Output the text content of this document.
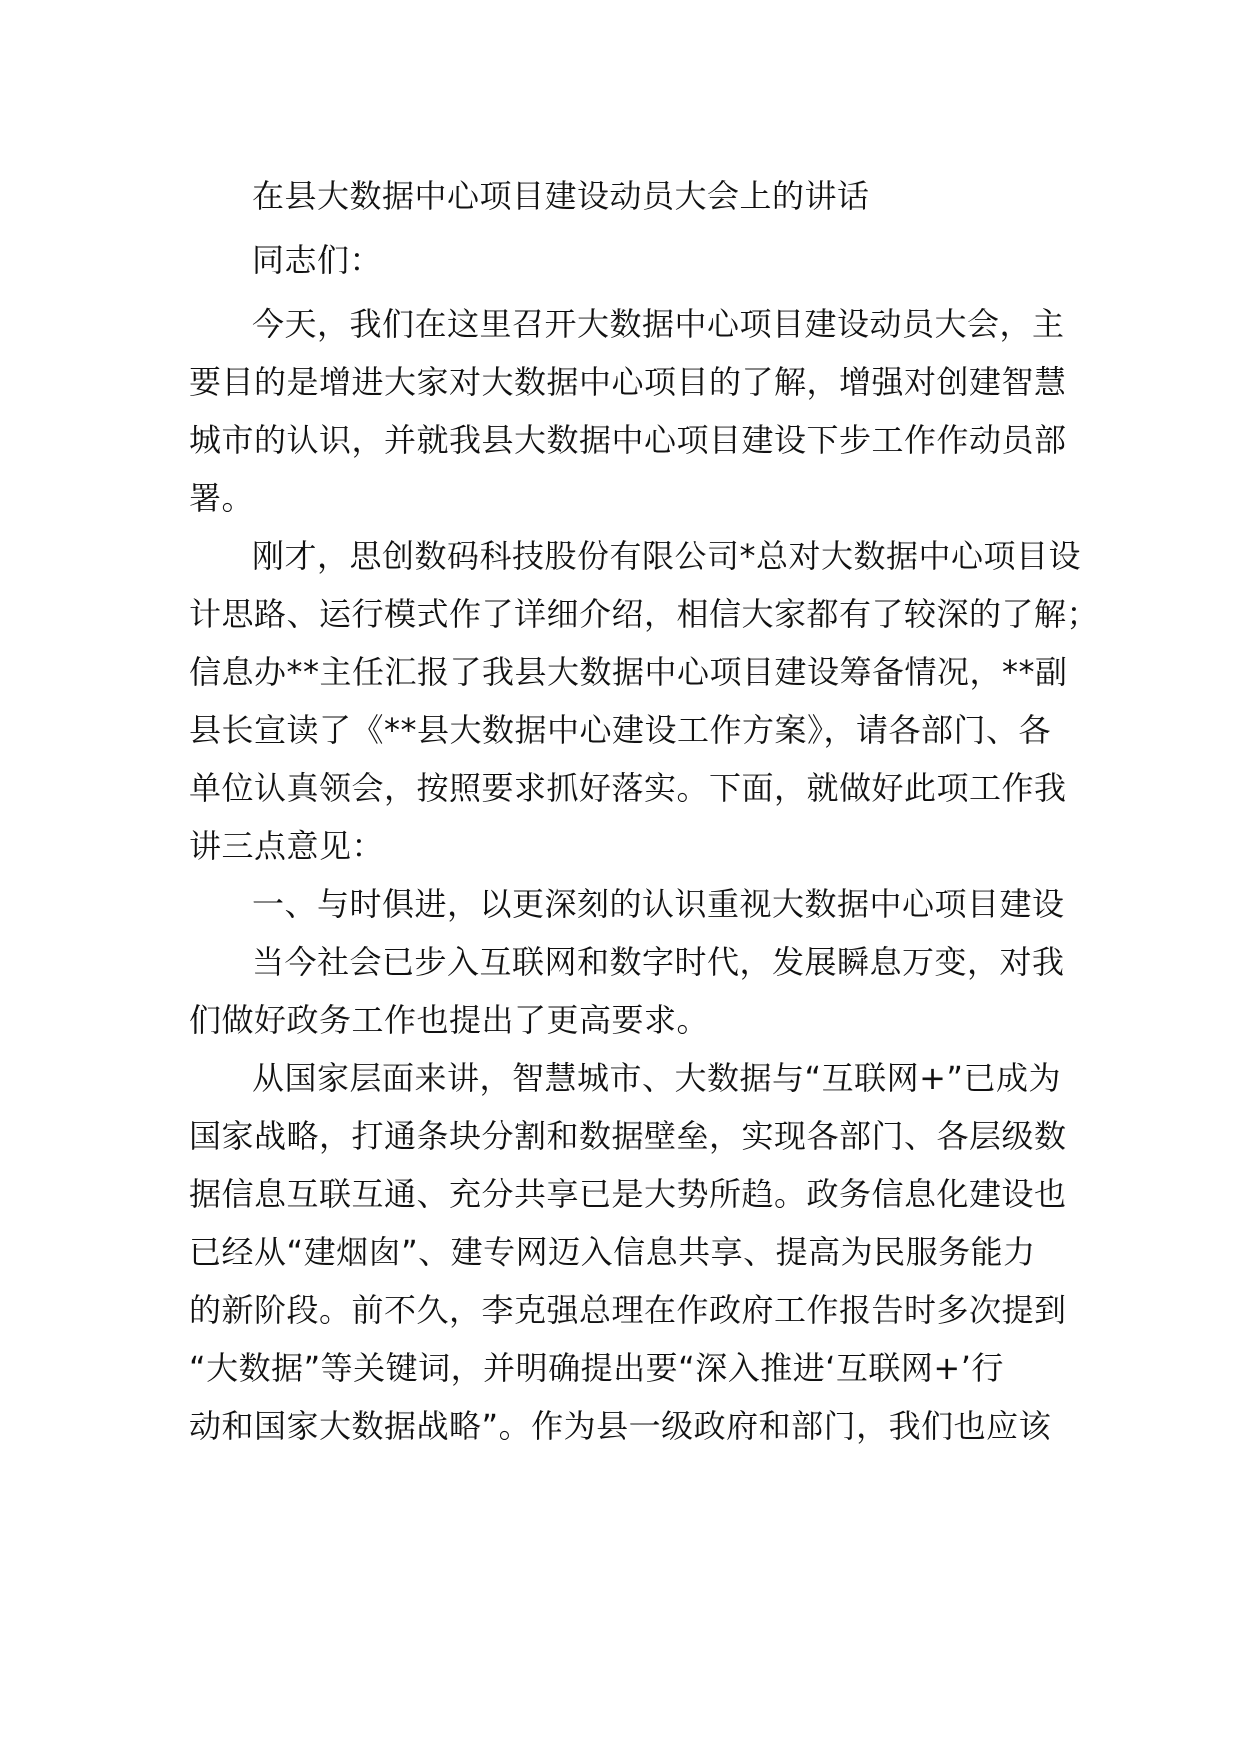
在县大数据中心项目建设动员大会上的讲话
同志们：
今天，我们在这里召开大数据中心项目建设动员大会，主
要目的是增进大家对大数据中心项目的了解，增强对创建智慧
城市的认识，并就我县大数据中心项目建设下步工作作动员部
署。
刚才，思创数码科技股份有限公司*总对大数据中心项目设
计思路、运行模式作了详细介绍，相信大家都有了较深的了解；
信息办**主任汇报了我县大数据中心项目建设筹备情况，**副
县长宣读了《**县大数据中心建设工作方案》，请各部门、各
单位认真领会，按照要求抓好落实。下面，就做好此项工作我
讲三点意见：
一、与时俱进，以更深刻的认识重视大数据中心项目建设
当今社会已步入互联网和数字时代，发展瞬息万变，对我
们做好政务工作也提出了更高要求。
从国家层面来讲，智慧城市、大数据与“互联网+”已成为
国家战略，打通条块分割和数据壁垒，实现各部门、各层级数
据信息互联互通、充分共享已是大势所趋。政务信息化建设也
已经从“建烟囱”、建专网迈入信息共享、提高为民服务能力
的新阶段。前不久，李克强总理在作政府工作报告时多次提到
“大数据”等关键词，并明确提出要“深入推进‘互联网+’行
动和国家大数据战略”。作为县一级政府和部门，我们也应该
